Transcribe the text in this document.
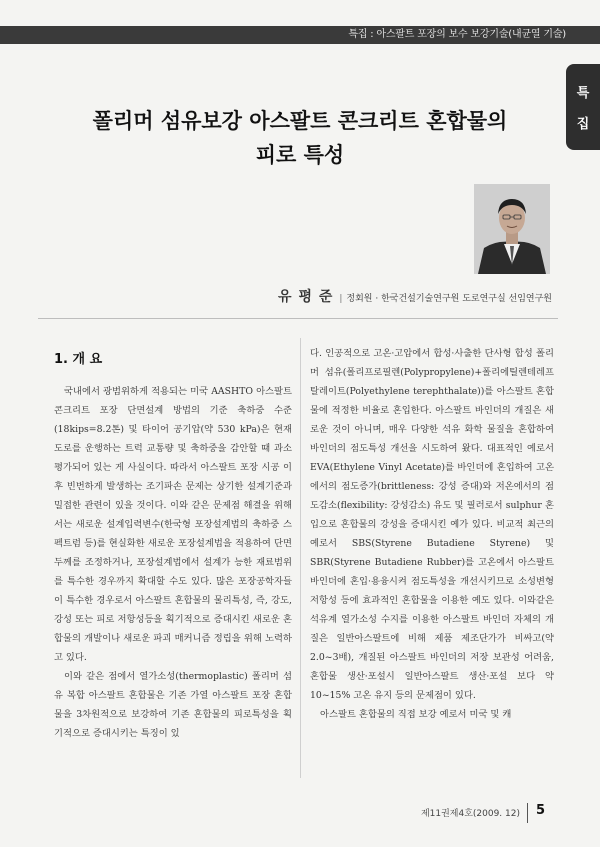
특집 : 아스팔트 포장의 보수 보강기술(내균열 기술)
특
집
폴리머 섬유보강 아스팔트 콘크리트 혼합물의
피로 특성
유 평 준 | 정회원 · 한국건설기술연구원 도로연구실 선임연구원
1. 개 요

국내에서 광범위하게 적용되는 미국 AASHTO 아스팔트 콘크리트 포장 단면설계 방법의 기준 축하중 수준(18kips=8.2톤) 및 타이어 공기압(약 530 kPa)은 현재 도로를 운행하는 트럭 교통량 및 축하중을 감안할 때 과소평가되어 있는 게 사실이다. 따라서 아스팔트 포장 시공 이후 빈번하게 발생하는 조기파손 문제는 상기한 설계기준과 밀접한 관련이 있을 것이다. 이와 같은 문제점 해결을 위해서는 새로운 설계입력변수(한국형 포장설계법의 축하중 스펙트럼 등)를 현실화한 새로운 포장설계법을 적용하여 단면두께를 조정하거나, 포장설계법에서 설계가 능한 재료범위를 특수한 경우까지 확대할 수도 있다. 많은 포장공학자들이 특수한 경우로서 아스팔트 혼합물의 물리특성, 즉, 강도, 강성 또는 피로 저항성등을 획기적으로 증대시킨 새로운 혼합물의 개발이나 새로운 파괴 매커니즘 정립을 위해 노력하고 있다.

이와 같은 점에서 열가소성(thermoplastic) 폴리머 섬유 복합 아스팔트 혼합물은 기존 가열 아스팔트 포장 혼합물을 3차원적으로 보강하여 기존 혼합물의 피로특성을 획기적으로 증대시키는 특징이 있

다. 인공적으로 고온·고압에서 합성·사출한 단사형 합성 폴리머 섬유(폴리프로필렌(Polypropylene)+폴리에틸렌테레프탈레이트(Polyethylene terephthalate))를 아스팔트 혼합물에 적정한 비율로 혼입한다. 아스팔트 바인더의 개질은 새로운 것이 아니며, 매우 다양한 석유 화학 물질을 혼합하여 바인더의 점도특성 개선을 시도하여 왔다. 대표적인 예로서 EVA(Ethylene Vinyl Acetate)를 바인더에 혼입하여 고온에서의 점도증가(brittleness: 강성 증대)와 저온에서의 점도감소(flexibility: 강성감소) 유도 및 필러로서 sulphur 혼입으로 혼합물의 강성을 증대시킨 예가 있다. 비교적 최근의 예로서 SBS(Styrene Butadiene Styrene) 및 SBR(Styrene Butadiene Rubber)를 고온에서 아스팔트 바인더에 혼입·용융시켜 점도특성을 개선시키므로 소성변형 저항성 등에 효과적인 혼합물을 이용한 예도 있다. 이와같은 석유계 열가소성 수지를 이용한 아스팔트 바인더 자체의 개질은 일반아스팔트에 비해 제품 제조단가가 비싸고(약 2.0~3배), 개질된 아스팔트 바인더의 저장 보관성 어려움, 혼합물 생산·포설시 일반아스팔트 생산·포설 보다 약 10~15% 고온 유지 등의 문제점이 있다.

아스팔트 혼합물의 직접 보강 예로서 미국 및 캐

제11권제4호(2009. 12) 5
